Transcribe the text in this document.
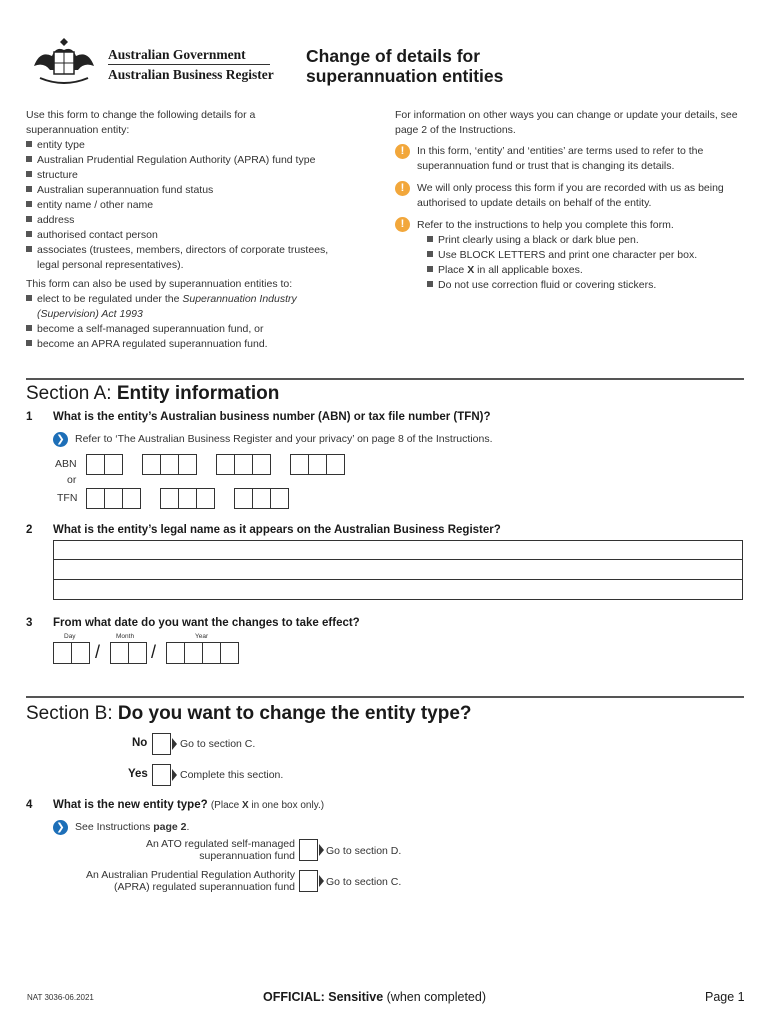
Australian Government
Australian Business Register
Change of details for
superannuation entities
Use this form to change the following details for a superannuation entity:
entity type
Australian Prudential Regulation Authority (APRA) fund type
structure
Australian superannuation fund status
entity name / other name
address
authorised contact person
associates (trustees, members, directors of corporate trustees, legal personal representatives).
This form can also be used by superannuation entities to:
elect to be regulated under the Superannuation Industry (Supervision) Act 1993
become a self-managed superannuation fund, or
become an APRA regulated superannuation fund.
For information on other ways you can change or update your details, see page 2 of the Instructions.
!	In this form, ‘entity’ and ‘entities’ are terms used to refer to the superannuation fund or trust that is changing its details.
!	We will only process this form if you are recorded with us as being authorised to update details on behalf of the entity.
!	Refer to the instructions to help you complete this form.
Print clearly using a black or dark blue pen.
Use BLOCK LETTERS and print one character per box.
Place X in all applicable boxes.
Do not use correction fluid or covering stickers.
Section A: Entity information
1 What is the entity’s Australian business number (ABN) or tax file number (TFN)?
❯ Refer to ‘The Australian Business Register and your privacy’ on page 8 of the Instructions.
ABN
or
TFN
2 What is the entity’s legal name as it appears on the Australian Business Register?
3 From what date do you want the changes to take effect?
Day	Month	Year
/	/
Section B: Do you want to change the entity type?
No	Go to section C.
Yes	Complete this section.
4 What is the new entity type? (Place X in one box only.)
❯ See Instructions page 2.
An ATO regulated self-managed
superannuation fund	Go to section D.
An Australian Prudential Regulation Authority
(APRA) regulated superannuation fund	Go to section C.
NAT 3036-06.2021	OFFICIAL: Sensitive (when completed)	Page 1
